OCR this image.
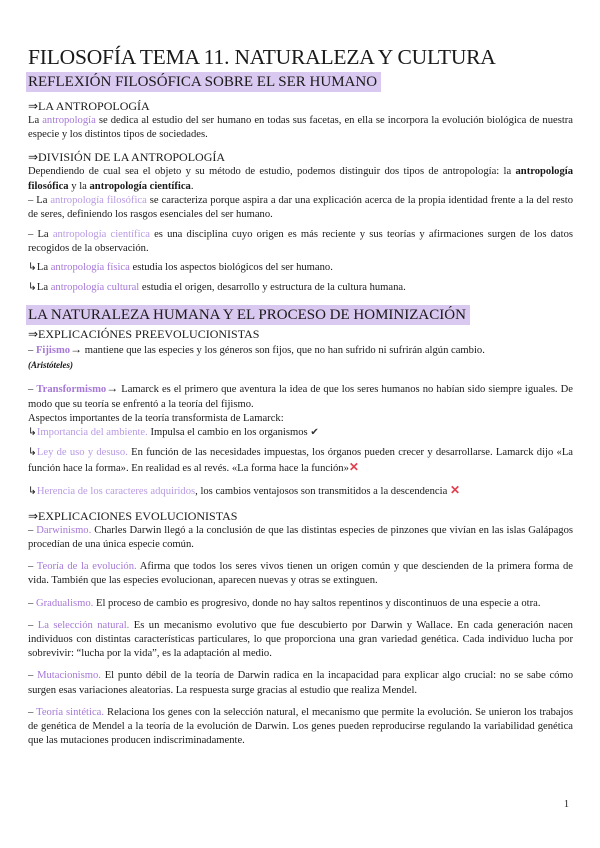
FILOSOFÍA TEMA 11. NATURALEZA Y CULTURA
REFLEXIÓN FILOSÓFICA SOBRE EL SER HUMANO
⇒LA ANTROPOLOGÍA

La antropología se dedica al estudio del ser humano en todas sus facetas, en ella se incorpora la evolución biológica de nuestra especie y los distintos tipos de sociedades.

⇒DIVISIÓN DE LA ANTROPOLOGÍA

Dependiendo de cual sea el objeto y su método de estudio, podemos distinguir dos tipos de antropología: la antropología filosófica y la antropología científica.

– La antropología filosófica se caracteriza porque aspira a dar una explicación acerca de la propia identidad frente a la del resto de seres, definiendo los rasgos esenciales del ser humano.

– La antropología científica es una disciplina cuyo origen es más reciente y sus teorías y afirmaciones surgen de los datos recogidos de la observación.

↳La antropología física estudia los aspectos biológicos del ser humano.

↳La antropología cultural estudia el origen, desarrollo y estructura de la cultura humana.

LA NATURALEZA HUMANA Y EL PROCESO DE HOMINIZACIÓN
⇒EXPLICACIÓNES PREEVOLUCIONISTAS

– Fijismo→ mantiene que las especies y los géneros son fijos, que no han sufrido ni sufrirán algún cambio.
(Aristóteles)

– Transformismo→ Lamarck es el primero que aventura la idea de que los seres humanos no habían sido siempre iguales. De modo que su teoría se enfrentó a la teoría del fijismo.

Aspectos importantes de la teoría transformista de Lamarck:

↳Importancia del ambiente. Impulsa el cambio en los organismos ✔

↳Ley de uso y desuso. En función de las necesidades impuestas, los órganos pueden crecer y desarrollarse. Lamarck dijo «La función hace la forma». En realidad es al revés. «La forma hace la función»✕

↳Herencia de los caracteres adquiridos, los cambios ventajosos son transmitidos a la descendencia ✕

⇒EXPLICACIONES EVOLUCIONISTAS

– Darwinismo. Charles Darwin llegó a la conclusión de que las distintas especies de pinzones que vivían en las islas Galápagos procedían de una única especie común.

– Teoría de la evolución. Afirma que todos los seres vivos tienen un origen común y que descienden de la primera forma de vida. También que las especies evolucionan, aparecen nuevas y otras se extinguen.

– Gradualismo. El proceso de cambio es progresivo, donde no hay saltos repentinos y discontinuos de una especie a otra.

– La selección natural. Es un mecanismo evolutivo que fue descubierto por Darwin y Wallace. En cada generación nacen individuos con distintas características particulares, lo que proporciona una gran variedad genética. Cada individuo lucha por sobrevivir: “lucha por la vida”, es la adaptación al medio.

– Mutacionismo. El punto débil de la teoría de Darwin radica en la incapacidad para explicar algo crucial: no se sabe cómo surgen esas variaciones aleatorias. La respuesta surge gracias al estudio que realiza Mendel.

– Teoría sintética. Relaciona los genes con la selección natural, el mecanismo que permite la evolución. Se unieron los trabajos de genética de Mendel a la teoría de la evolución de Darwin. Los genes pueden reproducirse regulando la variabilidad genética que las mutaciones producen indiscriminadamente.

1
